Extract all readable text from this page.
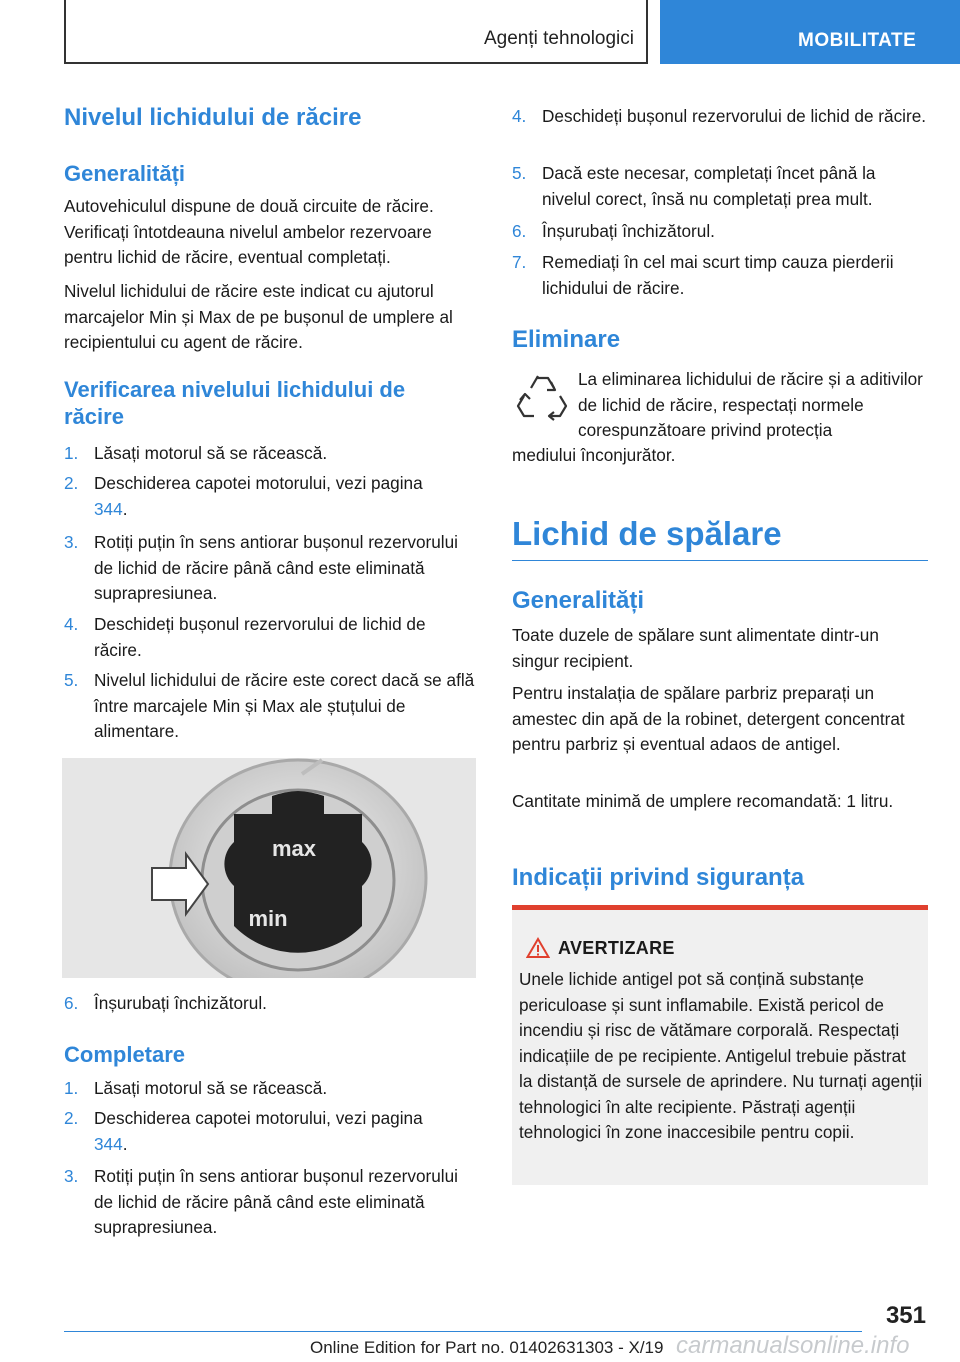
Agenți tehnologici	MOBILITATE
Nivelul lichidului de răcire
Generalități

Autovehiculul dispune de două circuite de răcire. Verificați întotdeauna nivelul ambelor rezervoare pentru lichid de răcire, eventual completați.

Nivelul lichidului de răcire este indicat cu ajutorul marcajelor Min și Max de pe bușonul de umplere al recipientului cu agent de răcire.

Verificarea nivelului lichidului de răcire
1. Lăsați motorul să se răcească.
2. Deschiderea capotei motorului, vezi pagina 344.
3. Rotiți puțin în sens antiorar bușonul rezervorului de lichid de răcire până când este eliminată suprapresiunea.
4. Deschideți bușonul rezervorului de lichid de răcire.
5. Nivelul lichidului de răcire este corect dacă se află între marcajele Min și Max ale ștuțului de alimentare.
max
min
6. Înșurubați închizătorul.
Completare
1. Lăsați motorul să se răcească.
2. Deschiderea capotei motorului, vezi pagina 344.
3. Rotiți puțin în sens antiorar bușonul rezervorului de lichid de răcire până când este eliminată suprapresiunea.
4. Deschideți bușonul rezervorului de lichid de răcire.
5. Dacă este necesar, completați încet până la nivelul corect, însă nu completați prea mult.
6. Înșurubați închizătorul.
7. Remediați în cel mai scurt timp cauza pierderii lichidului de răcire.
Eliminare

La eliminarea lichidului de răcire și a aditivilor de lichid de răcire, respectați normele corespunzătoare privind protecția

mediului înconjurător.

Lichid de spălare
Generalități

Toate duzele de spălare sunt alimentate dintr-un singur recipient.

Pentru instalația de spălare parbriz preparați un amestec din apă de la robinet, detergent concentrat pentru parbriz și eventual adaos de antigel.

Cantitate minimă de umplere recomandată: 1 litru.

Indicații privind siguranța
AVERTIZARE

Unele lichide antigel pot să conțină substanțe periculoase și sunt inflamabile. Există pericol de incendiu și risc de vătămare corporală. Respectați indicațiile de pe recipiente. Antigelul trebuie păstrat la distanță de sursele de aprindere. Nu turnați agenții tehnologici în alte recipiente. Păstrați agenții tehnologici în zone inaccesibile pentru copii.

351
Online Edition for Part no. 01402631303 - X/19 carmanualsonline.info
